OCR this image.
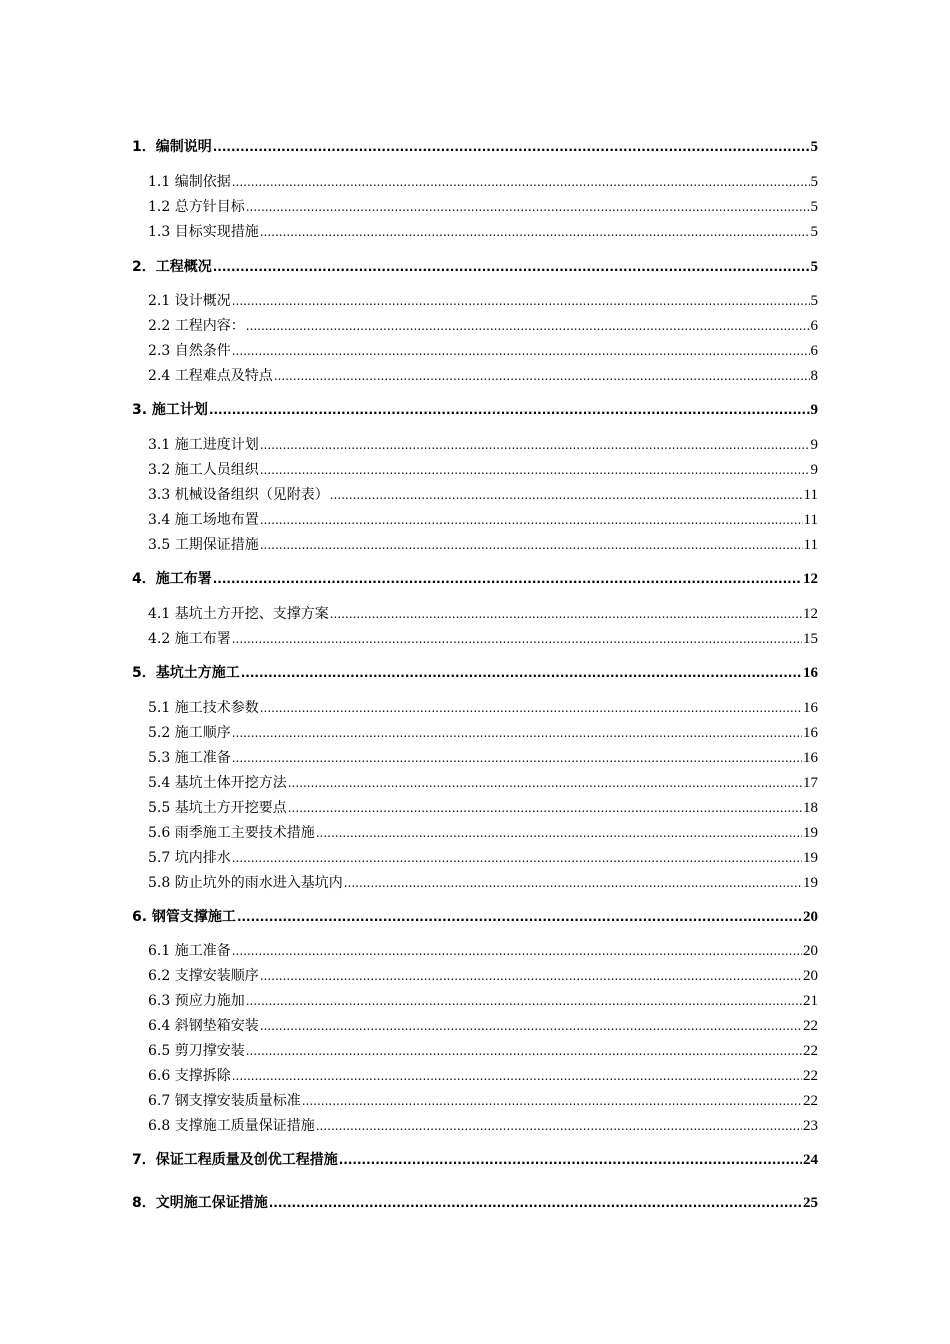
1．编制说明 .....	5
1.1 编制依据 .....	5
1.2 总方针目标 .....	5
1.3 目标实现措施 .....	5
2．工程概况 .....	5
2.1 设计概况 .....	5
2.2 工程内容： .....	6
2.3 自然条件 .....	6
2.4 工程难点及特点 .....	8
3. 施工计划 .....	9
3.1 施工进度计划 .....	9
3.2 施工人员组织 .....	9
3.3 机械设备组织（见附表） .....	11
3.4 施工场地布置 .....	11
3.5 工期保证措施 .....	11
4．施工布署 .....	12
4.1 基坑土方开挖、支撑方案 .....	12
4.2 施工布署 .....	15
5．基坑土方施工 .....	16
5.1 施工技术参数 .....	16
5.2 施工顺序 .....	16
5.3 施工准备 .....	16
5.4 基坑土体开挖方法 .....	17
5.5 基坑土方开挖要点 .....	18
5.6 雨季施工主要技术措施 .....	19
5.7 坑内排水 .....	19
5.8 防止坑外的雨水进入基坑内 .....	19
6. 钢管支撑施工 .....	20
6.1 施工准备 .....	20
6.2 支撑安装顺序 .....	20
6.3 预应力施加 .....	21
6.4 斜钢垫箱安装 .....	22
6.5 剪刀撑安装 .....	22
6.6 支撑拆除 .....	22
6.7 钢支撑安装质量标准 .....	22
6.8 支撑施工质量保证措施 .....	23
7．保证工程质量及创优工程措施 .....	24
8．文明施工保证措施 .....	25
